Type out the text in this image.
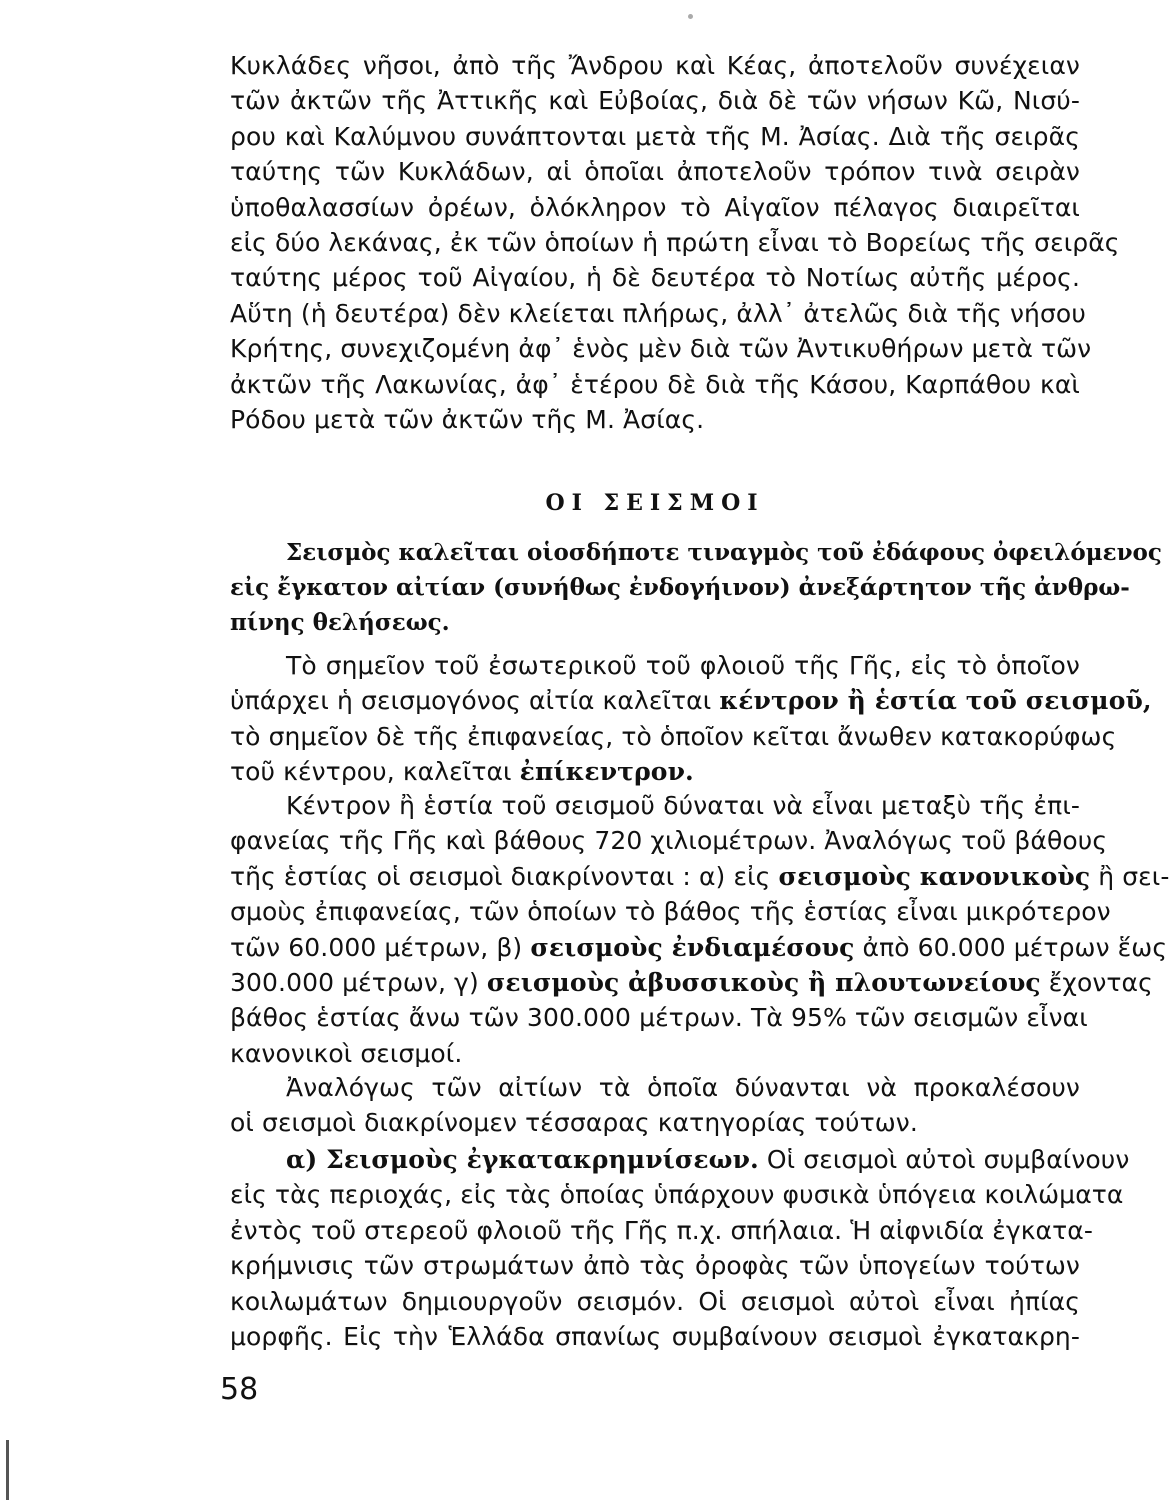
Κυκλάδες νῆσοι, ἀπὸ τῆς Ἄνδρου καὶ Κέας, ἀποτελοῦν συνέχειαν
τῶν ἀκτῶν τῆς Ἀττικῆς καὶ Εὐβοίας, διὰ δὲ τῶν νήσων Κῶ, Νισύ-
ρου καὶ Καλύμνου συνάπτονται μετὰ τῆς Μ. Ἀσίας. Διὰ τῆς σειρᾶς
ταύτης τῶν Κυκλάδων, αἱ ὁποῖαι ἀποτελοῦν τρόπον τινὰ σειρὰν
ὑποθαλασσίων ὀρέων, ὁλόκληρον τὸ Αἰγαῖον πέλαγος διαιρεῖται
εἰς δύο λεκάνας, ἐκ τῶν ὁποίων ἡ πρώτη εἶναι τὸ Βορείως τῆς σειρᾶς
ταύτης μέρος τοῦ Αἰγαίου, ἡ δὲ δευτέρα τὸ Νοτίως αὐτῆς μέρος.
Αὕτη (ἡ δευτέρα) δὲν κλείεται πλήρως, ἀλλ᾽ ἀτελῶς διὰ τῆς νήσου
Κρήτης, συνεχιζομένη ἀφ᾽ ἑνὸς μὲν διὰ τῶν Ἀντικυθήρων μετὰ τῶν
ἀκτῶν τῆς Λακωνίας, ἀφ᾽ ἑτέρου δὲ διὰ τῆς Κάσου, Καρπάθου καὶ
Ρόδου μετὰ τῶν ἀκτῶν τῆς Μ. Ἀσίας.
ΟΙ ΣΕΙΣΜΟΙ
Σεισμὸς καλεῖται οἱοσδήποτε τιναγμὸς τοῦ ἐδάφους ὀφειλόμενος
εἰς ἔγκατον αἰτίαν (συνήθως ἐνδογήινον) ἀνεξάρτητον τῆς ἀνθρω-
πίνης θελήσεως.
Τὸ σημεῖον τοῦ ἐσωτερικοῦ τοῦ φλοιοῦ τῆς Γῆς, εἰς τὸ ὁποῖον
ὑπάρχει ἡ σεισμογόνος αἰτία καλεῖται κέντρον ἢ ἑστία τοῦ σεισμοῦ,
τὸ σημεῖον δὲ τῆς ἐπιφανείας, τὸ ὁποῖον κεῖται ἄνωθεν κατακορύφως
τοῦ κέντρου, καλεῖται ἐπίκεντρον.
Κέντρον ἢ ἑστία τοῦ σεισμοῦ δύναται νὰ εἶναι μεταξὺ τῆς ἐπι-
φανείας τῆς Γῆς καὶ βάθους 720 χιλιομέτρων. Ἀναλόγως τοῦ βάθους
τῆς ἑστίας οἱ σεισμοὶ διακρίνονται : α) εἰς σεισμοὺς κανονικοὺς ἢ σει-
σμοὺς ἐπιφανείας, τῶν ὁποίων τὸ βάθος τῆς ἑστίας εἶναι μικρότερον
τῶν 60.000 μέτρων, β) σεισμοὺς ἐνδιαμέσους ἀπὸ 60.000 μέτρων ἕως
300.000 μέτρων, γ) σεισμοὺς ἀβυσσικοὺς ἢ πλουτωνείους ἔχοντας
βάθος ἑστίας ἄνω τῶν 300.000 μέτρων. Τὰ 95% τῶν σεισμῶν εἶναι
κανονικοὶ σεισμοί.
Ἀναλόγως τῶν αἰτίων τὰ ὁποῖα δύνανται νὰ προκαλέσουν
οἱ σεισμοὶ διακρίνομεν τέσσαρας κατηγορίας τούτων.
α) Σεισμοὺς ἐγκατακρημνίσεων. Οἱ σεισμοὶ αὐτοὶ συμβαίνουν
εἰς τὰς περιοχάς, εἰς τὰς ὁποίας ὑπάρχουν φυσικὰ ὑπόγεια κοιλώματα
ἐντὸς τοῦ στερεοῦ φλοιοῦ τῆς Γῆς π.χ. σπήλαια. Ἡ αἰφνιδία ἐγκατα-
κρήμνισις τῶν στρωμάτων ἀπὸ τὰς ὀροφὰς τῶν ὑπογείων τούτων
κοιλωμάτων δημιουργοῦν σεισμόν. Οἱ σεισμοὶ αὐτοὶ εἶναι ἠπίας
μορφῆς. Εἰς τὴν Ἑλλάδα σπανίως συμβαίνουν σεισμοὶ ἐγκατακρη-
58
